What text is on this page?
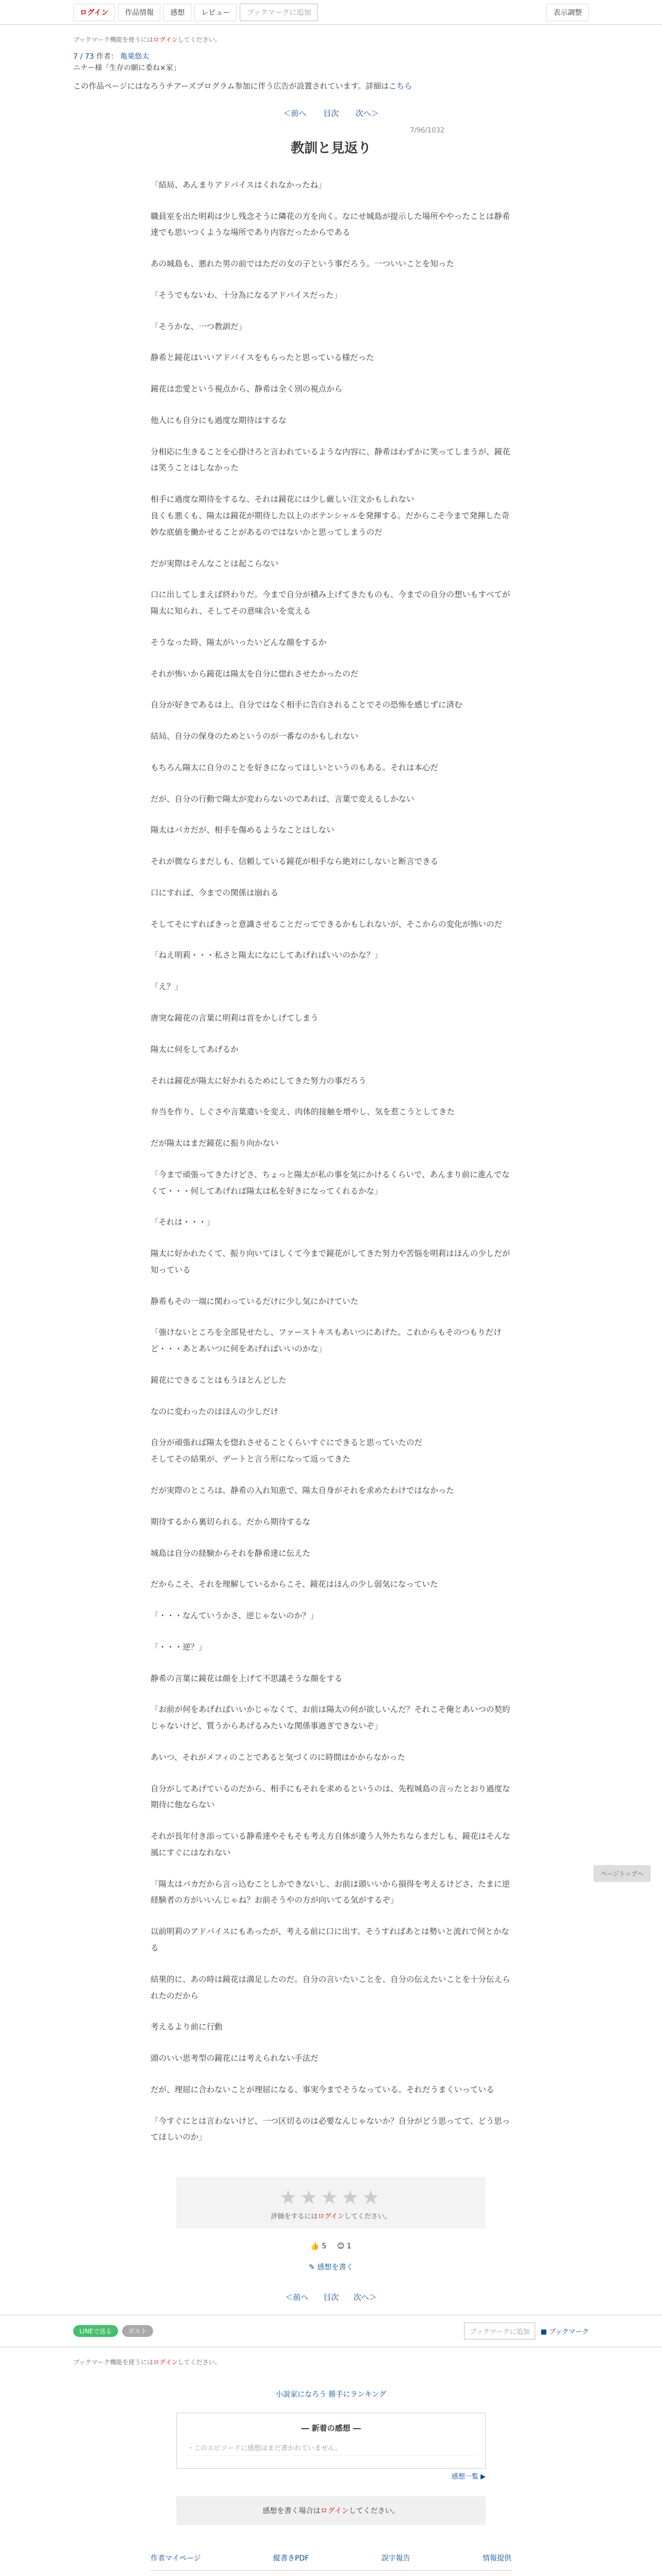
ログイン	作品情報	感想	レビュー	ブックマークに追加	表示調整
ブックマーク機能を使うにはログインしてください。
7 / 73 作者： 亀巣悠太
ニナー様「生存の願に委ね×家」
この作品ページにはなろうチアーズプログラム参加に伴う広告が設置されています。詳細はこちら
＜前へ 目次 次へ＞
7/96/1032
教訓と見返り

「結局、あんまりアドバイスはくれなかったね」

職員室を出た明莉は少し残念そうに隣花の方を向く。なにせ城島が提示した場所ややったことは静希達でも思いつくような場所であり内容だったからである

あの城島も、悪れた男の前ではただの女の子という事だろう。一ついいことを知った

「そうでもないわ、十分為になるアドバイスだった」

「そうかな、一つ教訓だ」

静希と鏡花はいいアドバイスをもらったと思っている様だった

鏡花は恋愛という視点から、静希は全く別の視点から

他人にも自分にも過度な期待はするな

分相応に生きることを心掛けろと言われているような内容に、静希はわずかに笑ってしまうが、鏡花は笑うことはしなかった

相手に過度な期待をするな、それは鏡花には少し厳しい注文かもしれない
良くも悪くも、陽太は鏡花が期待した以上のポテンシャルを発揮する。だからこそ今まで発揮した奇妙な底値を働かせることがあるのではないかと思ってしまうのだ

だが実際はそんなことは起こらない

口に出してしまえば終わりだ。今まで自分が積み上げてきたものも、今までの自分の想いもすべてが陽太に知られ、そしてその意味合いを変える

そうなった時、陽太がいったいどんな顔をするか

それが怖いから鏡花は陽太を自分に惚れさせたかったのだ

自分が好きであるは上、自分ではなく相手に告白されることでその恐怖を感じずに済む

結局、自分の保身のためというのが一番なのかもしれない

もちろん陽太に自分のことを好きになってほしいというのもある。それは本心だ

だが、自分の行動で陽太が変わらないのであれば、言葉で変えるしかない

陽太はバカだが、相手を傷めるようなことはしない

それが微ならまだしも、信頼している鏡花が相手なら絶対にしないと断言できる

口にすれば、今までの関係は崩れる

そしてそにすればきっと意識させることだってできるかもしれないが、そこからの変化が怖いのだ

「ねえ明莉・・・私さと陽太になにしてあげればいいのかな？」

「え？」

唐突な鏡花の言葉に明莉は首をかしげてしまう

陽太に何をしてあげるか

それは鏡花が陽太に好かれるためにしてきた努力の事だろう

弁当を作り、しぐさや言葉遣いを変え、肉体的接触を増やし、気を惹こうとしてきた

だが陽太はまだ鏡花に振り向かない

「今まで頑張ってきたけどさ、ちょっと陽太が私の事を気にかけるくらいで、あんまり前に進んでなくて・・・何してあげれば陽太は私を好きになってくれるかな」

「それは・・・」

陽太に好かれたくて、振り向いてほしくて今まで鏡花がしてきた努力や苦悩を明莉はほんの少しだが知っている

静希もその一端に関わっているだけに少し気にかけていた

「強けないところを全部見せたし、ファーストキスもあいつにあげた。これからもそのつもりだけど・・・あとあいつに何をあげればいいのかな」

鏡花にできることはもうほとんどした

なのに変わったのはほんの少しだけ

自分が頑張れば陽太を惚れさせることくらいすぐにできると思っていたのだ
そしてその結果が、デートと言う形になって返ってきた

だが実際のところは、静希の入れ知恵で、陽太自身がそれを求めたわけではなかった

期待するから裏切られる。だから期待するな

城島は自分の経験からそれを静希達に伝えた

だからこそ、それを理解しているからこそ、鏡花はほんの少し弱気になっていた

「・・・なんていうかさ、逆じゃないのか？」

「・・・逆？」

静希の言葉に鏡花は顔を上げて不思議そうな顔をする

「お前が何をあげればいいかじゃなくて、お前は陽太の何が欲しいんだ？それこそ俺とあいつの契約じゃないけど、質うからあげるみたいな関係事過ぎできないぞ」

あいつ、それがメフィのことであると気づくのに時間はかからなかった

自分がしてあげているのだから、相手にもそれを求めるというのは、先程城島の言ったとおり過度な期待に他ならない

それが長年付き添っている静希達やそもそも考え方自体が違う人外たちならまだしも、鏡花はそんな風にすぐにはなれない

「陽太はバカだから言っ込むことしかできないし、お前は頭いいから損得を考えるけどさ、たまに逆経験者の方がいいんじゃね？お前そうやの方が向いてる気がするぞ」

以前明莉のアドバイスにもあったが、考える前に口に出す。そうすればあとは勢いと流れで何とかなる

結果的に、あの時は鏡花は満足したのだ。自分の言いたいことを、自分の伝えたいことを十分伝えられたのだから

考えるより前に行動

頭のいい思考型の鏡花には考えられない手法だ

だが、理屈に合わないことが理屈になる、事実今までそうなっている。それだうまくいっている

「今すぐにとは言わないけど、一つ区切るのは必要なんじゃないか？自分がどう思ってて、どう思ってほしいのか」

★★★★★
評価をするにはログインしてください。
👍 5 😊 1
✎ 感想を書く
＜前へ 目次 次へ＞
LINEで送る	ポスト	ブックマークに追加	■ ブックマーク
ブックマーク機能を使うにはログインしてください。
小説家になろう 勝手にランキング
― 新着の感想 ―
・このエピソードに感想はまだ書かれていません。
感想一覧 ▶
感想を書く場合はログインしてください。
作者マイページ	縦書きPDF	誤字報告	情報提供
ページトップへ
